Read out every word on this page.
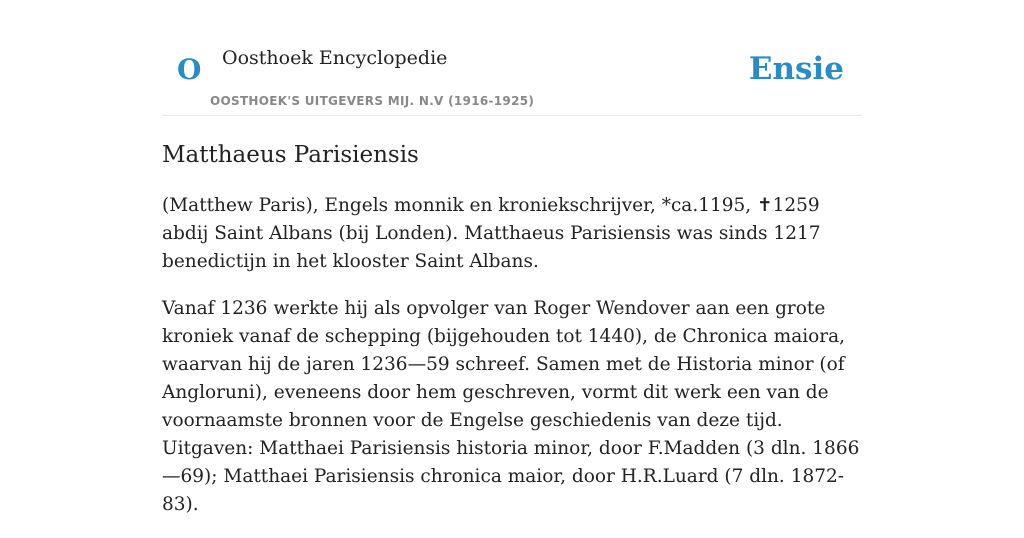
O Oosthoek Encyclopedie
OOSTHOEK'S UITGEVERS MIJ. N.V (1916-1925)
Ensie
Matthaeus Parisiensis

(Matthew Paris), Engels monnik en kroniekschrijver, *ca.1195, ✝1259 abdij Saint Albans (bij Londen). Matthaeus Parisiensis was sinds 1217 benedictijn in het klooster Saint Albans.

Vanaf 1236 werkte hij als opvolger van Roger Wendover aan een grote kroniek vanaf de schepping (bijgehouden tot 1440), de Chronica maiora, waarvan hij de jaren 1236—59 schreef. Samen met de Historia minor (of Angloruni), eveneens door hem geschreven, vormt dit werk een van de voornaamste bronnen voor de Engelse geschiedenis van deze tijd. Uitgaven: Matthaei Parisiensis historia minor, door F.Madden (3 dln. 1866—69); Matthaei Parisiensis chronica maior, door H.R.Luard (7 dln. 1872-83).
